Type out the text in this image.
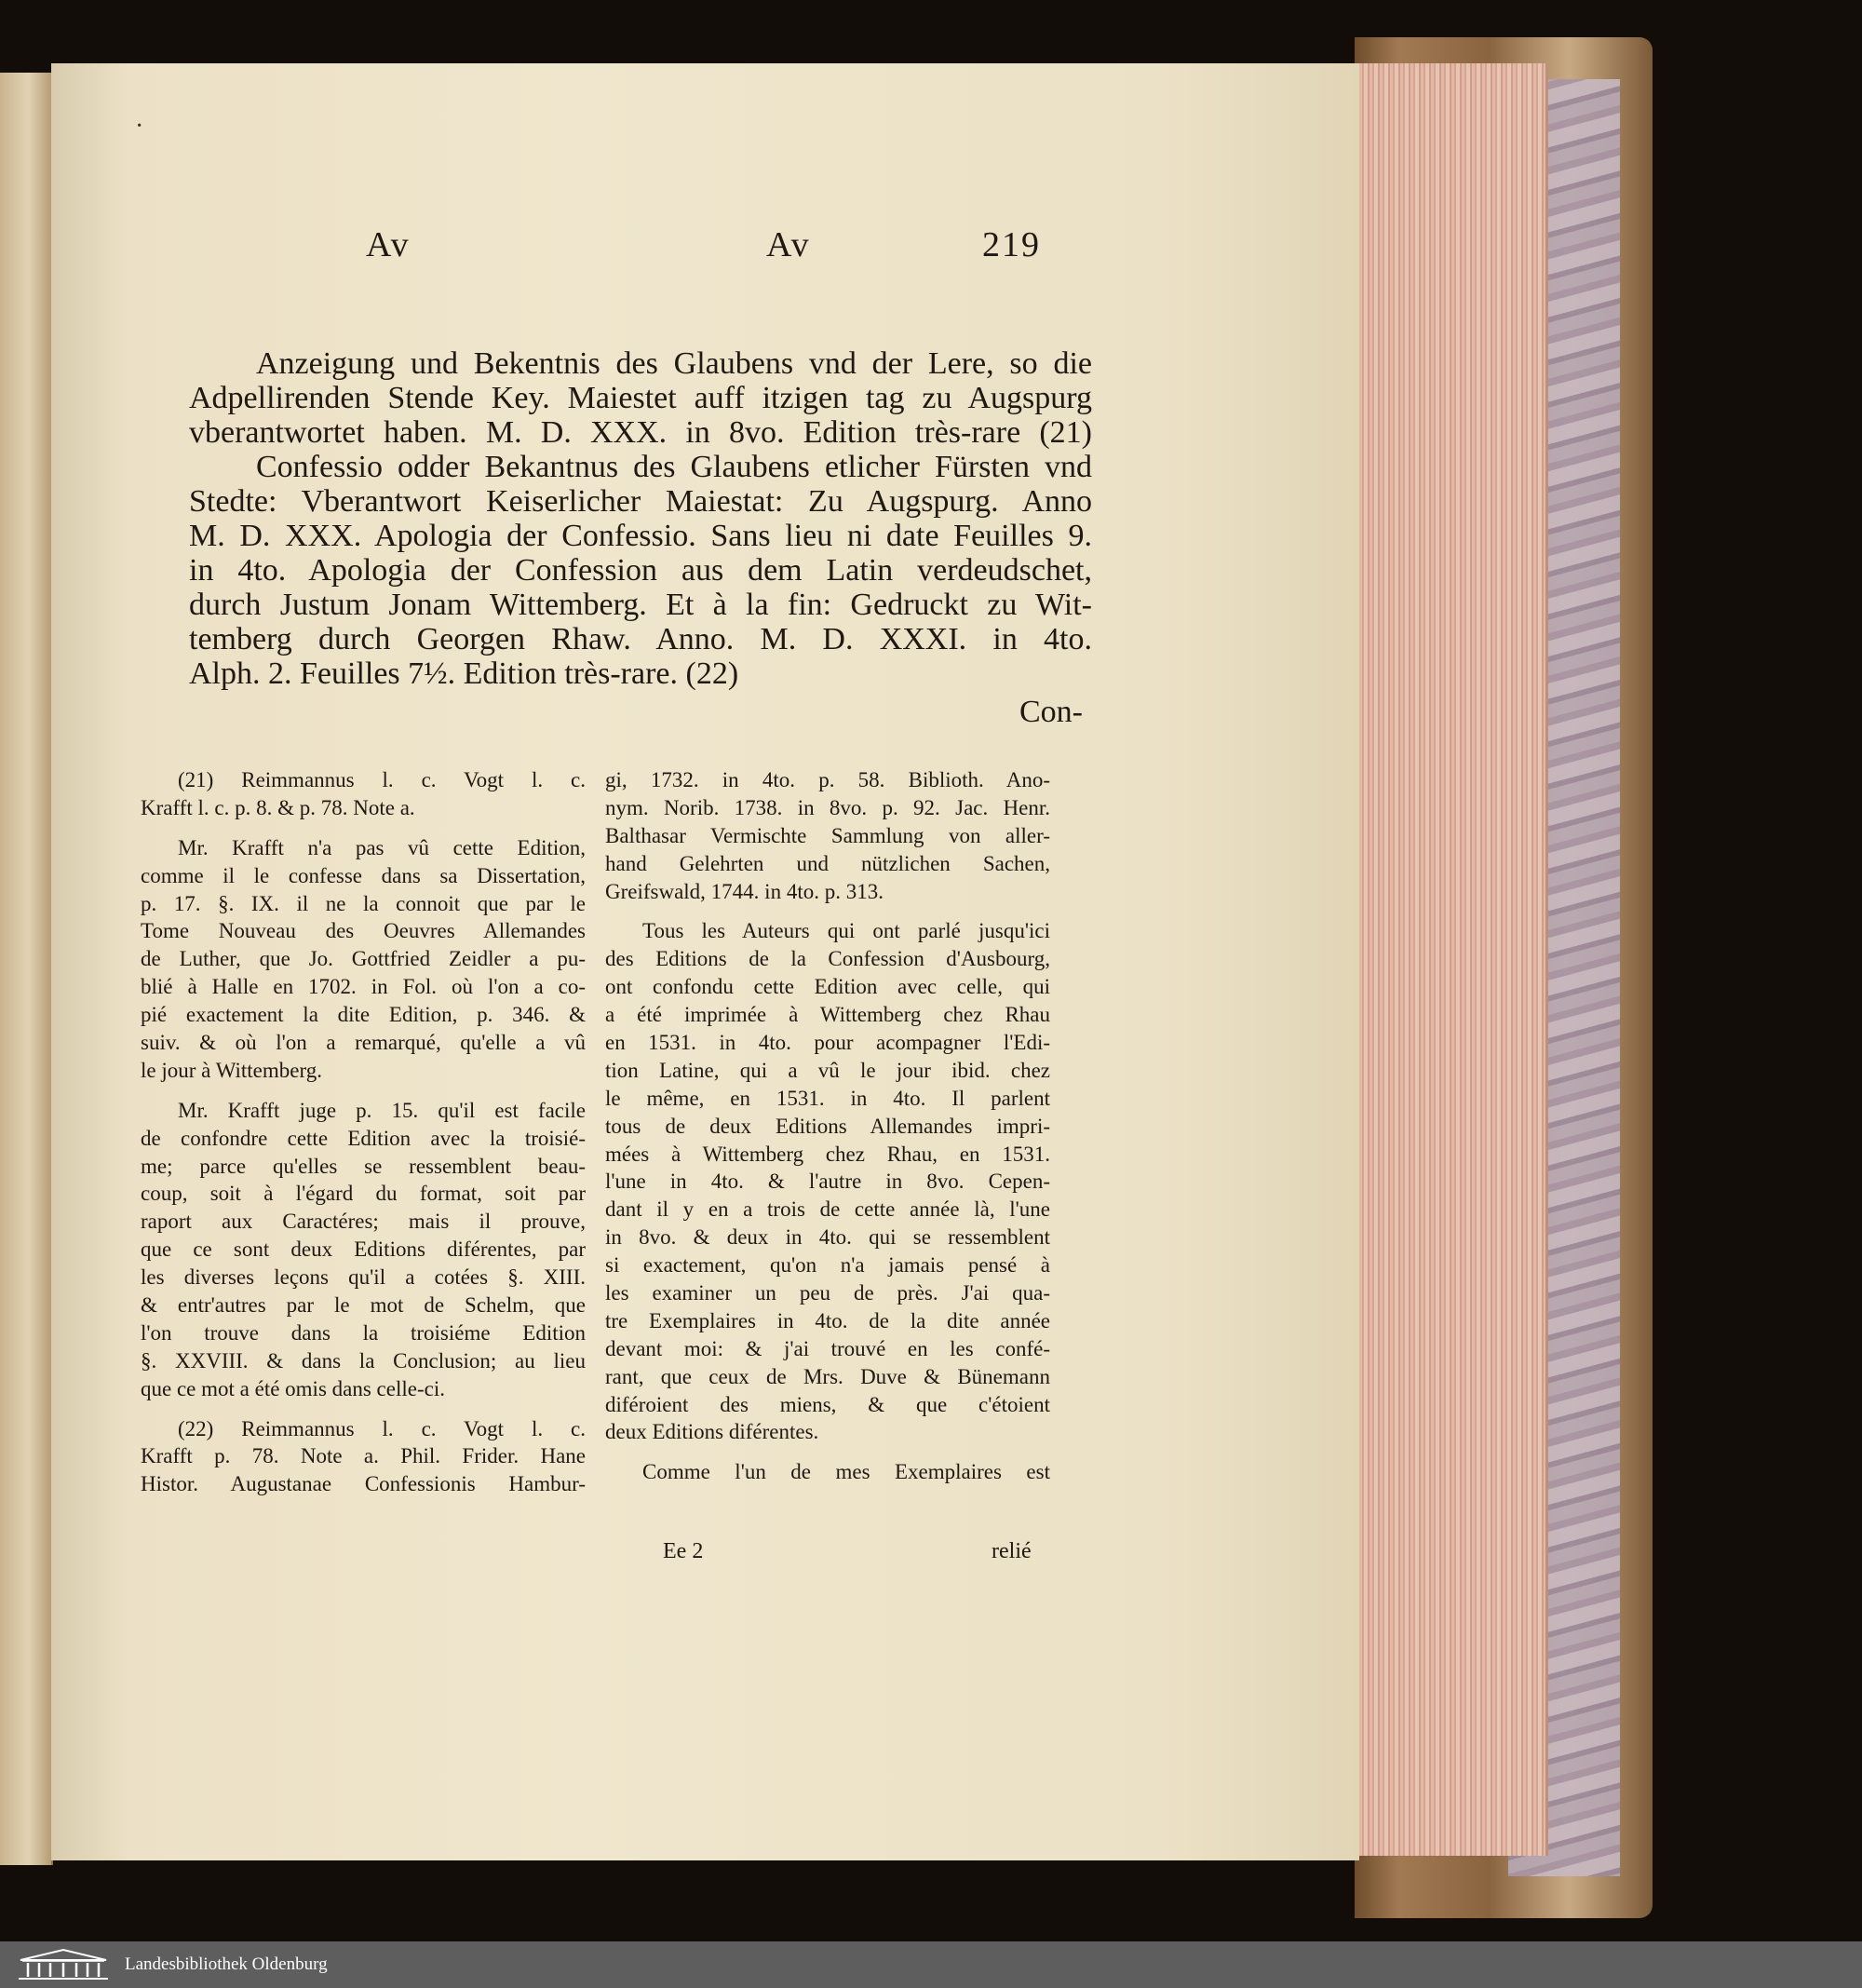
·
Av	Av	219
Anzeigung und Bekentnis des Glaubens vnd der Lere, so die
Adpellirenden Stende Key. Maiestet auff itzigen tag zu Augspurg
vberantwortet haben. M. D. XXX. in 8vo. Edition très-rare (21)
Confessio odder Bekantnus des Glaubens etlicher Fürsten vnd
Stedte: Vberantwort Keiserlicher Maiestat: Zu Augspurg. Anno
M. D. XXX. Apologia der Confessio. Sans lieu ni date Feuilles 9.
in 4to. Apologia der Confession aus dem Latin verdeudschet,
durch Justum Jonam Wittemberg. Et à la fin: Gedruckt zu Wit-
temberg durch Georgen Rhaw. Anno. M. D. XXXI. in 4to.
Alph. 2. Feuilles 7½. Edition très-rare. (22)
Con-
(21) Reimmannus l. c. Vogt l. c.
Krafft l. c. p. 8. & p. 78. Note a.
Mr. Krafft n'a pas vû cette Edition,
comme il le confesse dans sa Dissertation,
p. 17. §. IX. il ne la connoit que par le
Tome Nouveau des Oeuvres Allemandes
de Luther, que Jo. Gottfried Zeidler a pu-
blié à Halle en 1702. in Fol. où l'on a co-
pié exactement la dite Edition, p. 346. &
suiv. & où l'on a remarqué, qu'elle a vû
le jour à Wittemberg.
Mr. Krafft juge p. 15. qu'il est facile
de confondre cette Edition avec la troisié-
me; parce qu'elles se ressemblent beau-
coup, soit à l'égard du format, soit par
raport aux Caractéres; mais il prouve,
que ce sont deux Editions diférentes, par
les diverses leçons qu'il a cotées §. XIII.
& entr'autres par le mot de Schelm, que
l'on trouve dans la troisiéme Edition
§. XXVIII. & dans la Conclusion; au lieu
que ce mot a été omis dans celle-ci.
(22) Reimmannus l. c. Vogt l. c.
Krafft p. 78. Note a. Phil. Frider. Hane
Histor. Augustanae Confessionis Hambur-
gi, 1732. in 4to. p. 58. Biblioth. Ano-
nym. Norib. 1738. in 8vo. p. 92. Jac. Henr.
Balthasar Vermischte Sammlung von aller-
hand Gelehrten und nützlichen Sachen,
Greifswald, 1744. in 4to. p. 313.
Tous les Auteurs qui ont parlé jusqu'ici
des Editions de la Confession d'Ausbourg,
ont confondu cette Edition avec celle, qui
a été imprimée à Wittemberg chez Rhau
en 1531. in 4to. pour acompagner l'Edi-
tion Latine, qui a vû le jour ibid. chez
le même, en 1531. in 4to. Il parlent
tous de deux Editions Allemandes impri-
mées à Wittemberg chez Rhau, en 1531.
l'une in 4to. & l'autre in 8vo. Cepen-
dant il y en a trois de cette année là, l'une
in 8vo. & deux in 4to. qui se ressemblent
si exactement, qu'on n'a jamais pensé à
les examiner un peu de près. J'ai qua-
tre Exemplaires in 4to. de la dite année
devant moi: & j'ai trouvé en les confé-
rant, que ceux de Mrs. Duve & Bünemann
diféroient des miens, & que c'étoient
deux Editions diférentes.
Comme l'un de mes Exemplaires est
Ee 2	relié
Landesbibliothek Oldenburg
